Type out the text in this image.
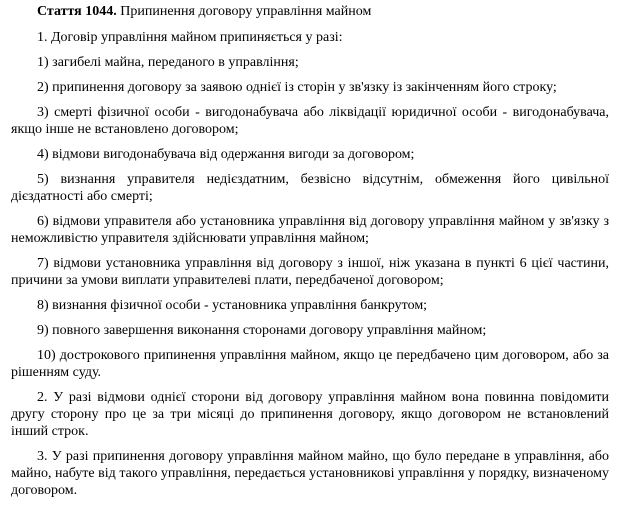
Стаття 1044. Припинення договору управління майном

1. Договір управління майном припиняється у разі:

1) загибелі майна, переданого в управління;

2) припинення договору за заявою однієї із сторін у зв'язку із закінченням його строку;

3) смерті фізичної особи - вигодонабувача або ліквідації юридичної особи - вигодонабувача, якщо інше не встановлено договором;

4) відмови вигодонабувача від одержання вигоди за договором;

5) визнання управителя недієздатним, безвісно відсутнім, обмеження його цивільної дієздатності або смерті;

6) відмови управителя або установника управління від договору управління майном у зв'язку з неможливістю управителя здійснювати управління майном;

7) відмови установника управління від договору з іншої, ніж указана в пункті 6 цієї частини, причини за умови виплати управителеві плати, передбаченої договором;

8) визнання фізичної особи - установника управління банкрутом;

9) повного завершення виконання сторонами договору управління майном;

10) дострокового припинення управління майном, якщо це передбачено цим договором, або за рішенням суду.

2. У разі відмови однієї сторони від договору управління майном вона повинна повідомити другу сторону про це за три місяці до припинення договору, якщо договором не встановлений інший строк.

3. У разі припинення договору управління майном майно, що було передане в управління, або майно, набуте від такого управління, передається установникові управління у порядку, визначеному договором.
